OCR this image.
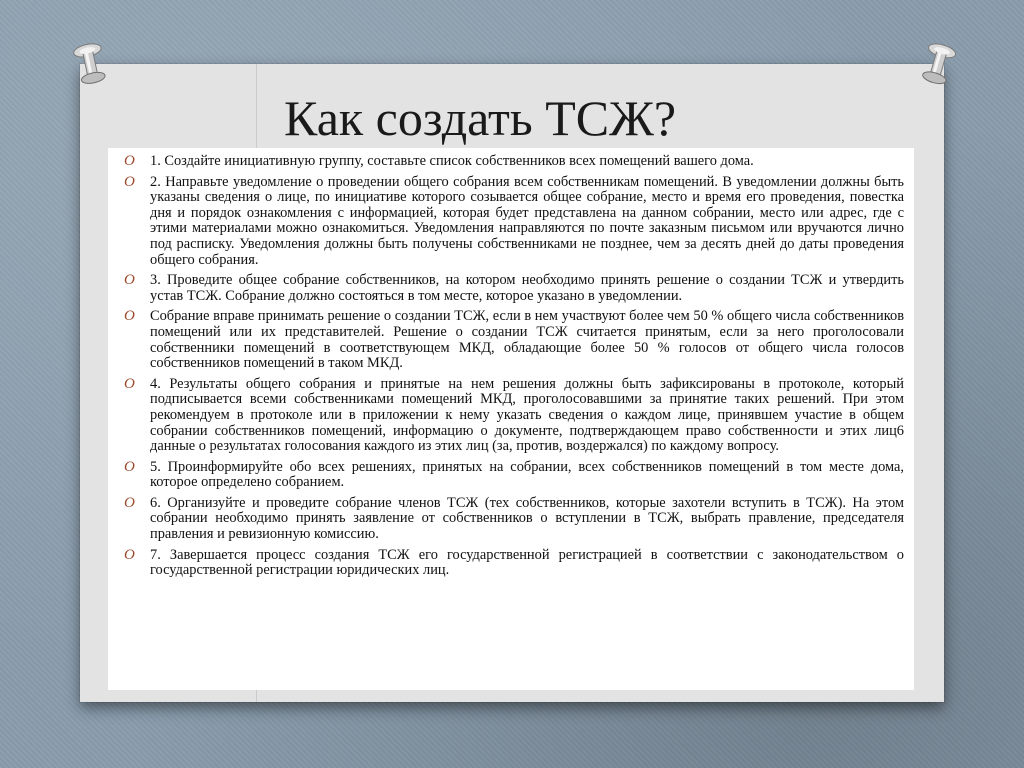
Как создать ТСЖ?
O 1. Создайте инициативную группу, составьте список собственников всех помещений вашего дома.
O 2. Направьте уведомление о проведении общего собрания всем собственникам помещений. В уведомлении должны быть указаны сведения о лице, по инициативе которого созывается общее собрание, место и время его проведения, повестка дня и порядок ознакомления с информацией, которая будет представлена на данном собрании, место или адрес, где с этими материалами можно ознакомиться. Уведомления направляются по почте заказным письмом или вручаются лично под расписку. Уведомления должны быть получены собственниками не позднее, чем за десять дней до даты проведения общего собрания.
O 3. Проведите общее собрание собственников, на котором необходимо принять решение о создании ТСЖ и утвердить устав ТСЖ. Собрание должно состояться в том месте, которое указано в уведомлении.
O Собрание вправе принимать решение о создании ТСЖ, если в нем участвуют более чем 50 % общего числа собственников помещений или их представителей. Решение о создании ТСЖ считается принятым, если за него проголосовали собственники помещений в соответствующем МКД, обладающие более 50 % голосов от общего числа голосов собственников помещений в таком МКД.
O 4. Результаты общего собрания и принятые на нем решения должны быть зафиксированы в протоколе, который подписывается всеми собственниками помещений МКД, проголосовавшими за принятие таких решений. При этом рекомендуем в протоколе или в приложении к нему указать сведения о каждом лице, принявшем участие в общем собрании собственников помещений, информацию о документе, подтверждающем право собственности и этих лиц6 данные о результатах голосования каждого из этих лиц (за, против, воздержался) по каждому вопросу.
O 5. Проинформируйте обо всех решениях, принятых на собрании, всех собственников помещений в том месте дома, которое определено собранием.
O 6. Организуйте и проведите собрание членов ТСЖ (тех собственников, которые захотели вступить в ТСЖ). На этом собрании необходимо принять заявление от собственников о вступлении в ТСЖ, выбрать правление, председателя правления и ревизионную комиссию.
O 7. Завершается процесс создания ТСЖ его государственной регистрацией в соответствии с законодательством о государственной регистрации юридических лиц.
